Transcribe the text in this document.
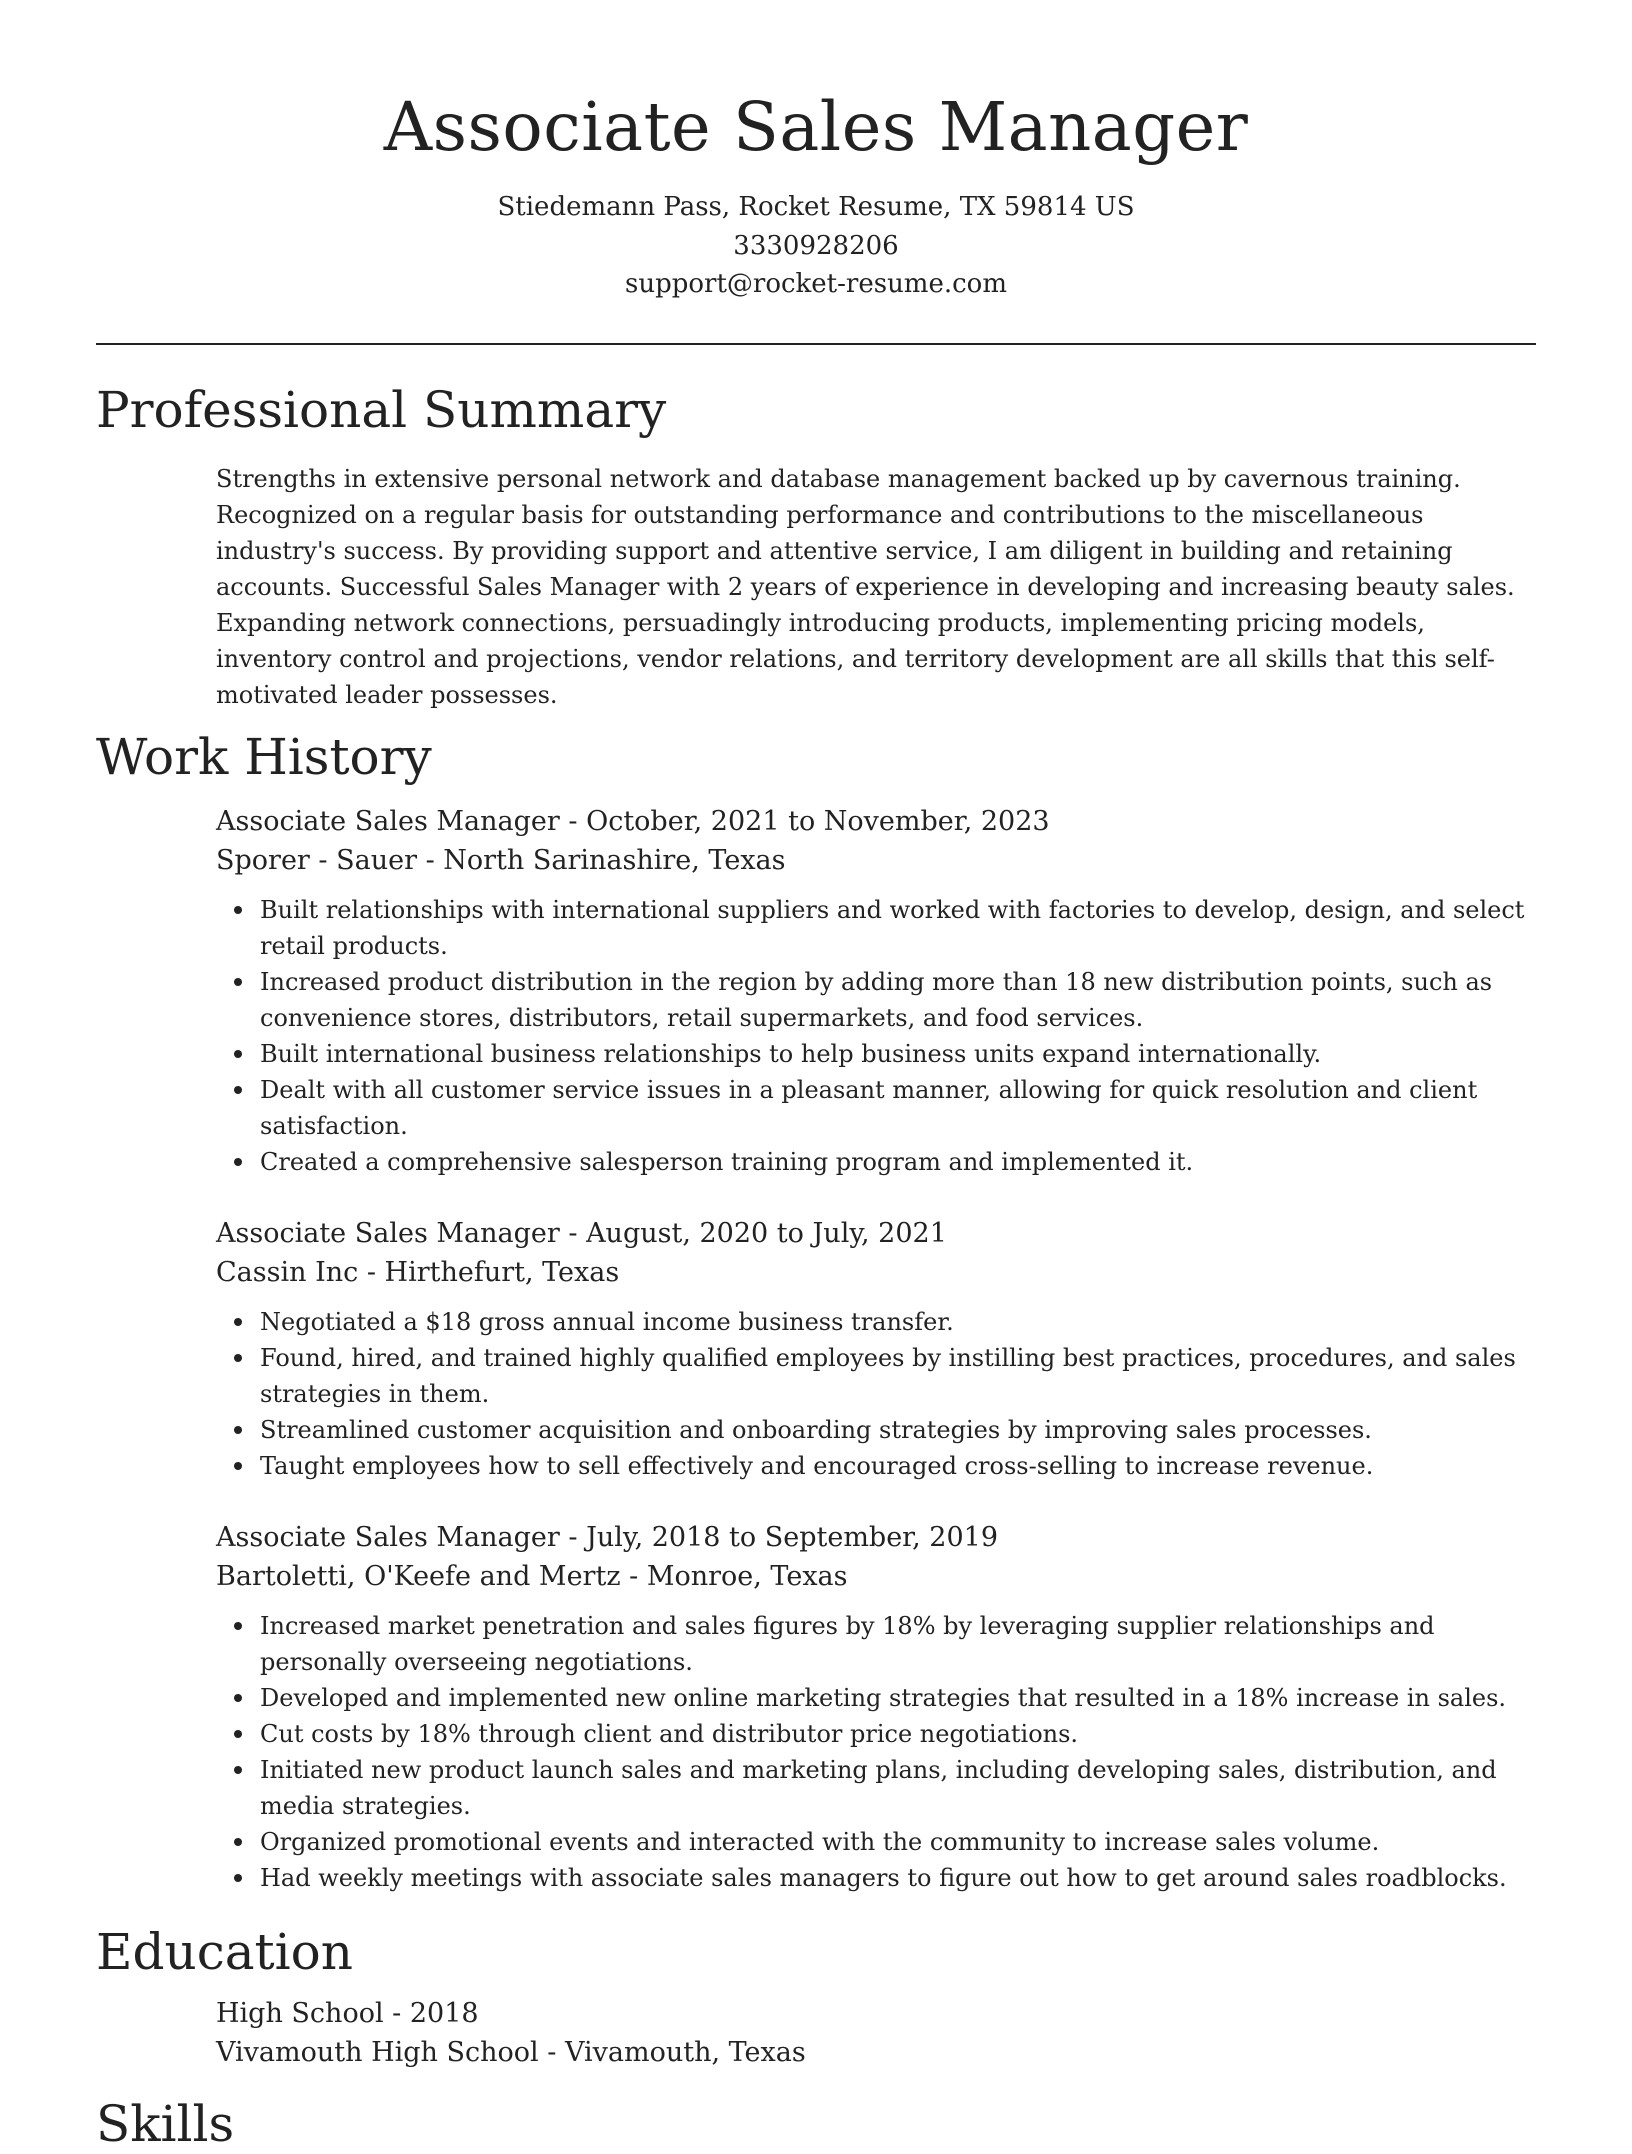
Associate Sales Manager
Stiedemann Pass, Rocket Resume, TX 59814 US
3330928206
support@rocket-resume.com
Professional Summary
Strengths in extensive personal network and database management backed up by cavernous training. Recognized on a regular basis for outstanding performance and contributions to the miscellaneous industry's success. By providing support and attentive service, I am diligent in building and retaining accounts. Successful Sales Manager with 2 years of experience in developing and increasing beauty sales. Expanding network connections, persuadingly introducing products, implementing pricing models, inventory control and projections, vendor relations, and territory development are all skills that this self-motivated leader possesses.
Work History
Associate Sales Manager - October, 2021 to November, 2023
Sporer - Sauer - North Sarinashire, Texas
Built relationships with international suppliers and worked with factories to develop, design, and select retail products.
Increased product distribution in the region by adding more than 18 new distribution points, such as convenience stores, distributors, retail supermarkets, and food services.
Built international business relationships to help business units expand internationally.
Dealt with all customer service issues in a pleasant manner, allowing for quick resolution and client satisfaction.
Created a comprehensive salesperson training program and implemented it.
Associate Sales Manager - August, 2020 to July, 2021
Cassin Inc - Hirthefurt, Texas
Negotiated a $18 gross annual income business transfer.
Found, hired, and trained highly qualified employees by instilling best practices, procedures, and sales strategies in them.
Streamlined customer acquisition and onboarding strategies by improving sales processes.
Taught employees how to sell effectively and encouraged cross-selling to increase revenue.
Associate Sales Manager - July, 2018 to September, 2019
Bartoletti, O'Keefe and Mertz - Monroe, Texas
Increased market penetration and sales figures by 18% by leveraging supplier relationships and personally overseeing negotiations.
Developed and implemented new online marketing strategies that resulted in a 18% increase in sales.
Cut costs by 18% through client and distributor price negotiations.
Initiated new product launch sales and marketing plans, including developing sales, distribution, and media strategies.
Organized promotional events and interacted with the community to increase sales volume.
Had weekly meetings with associate sales managers to figure out how to get around sales roadblocks.
Education
High School - 2018
Vivamouth High School - Vivamouth, Texas
Skills
